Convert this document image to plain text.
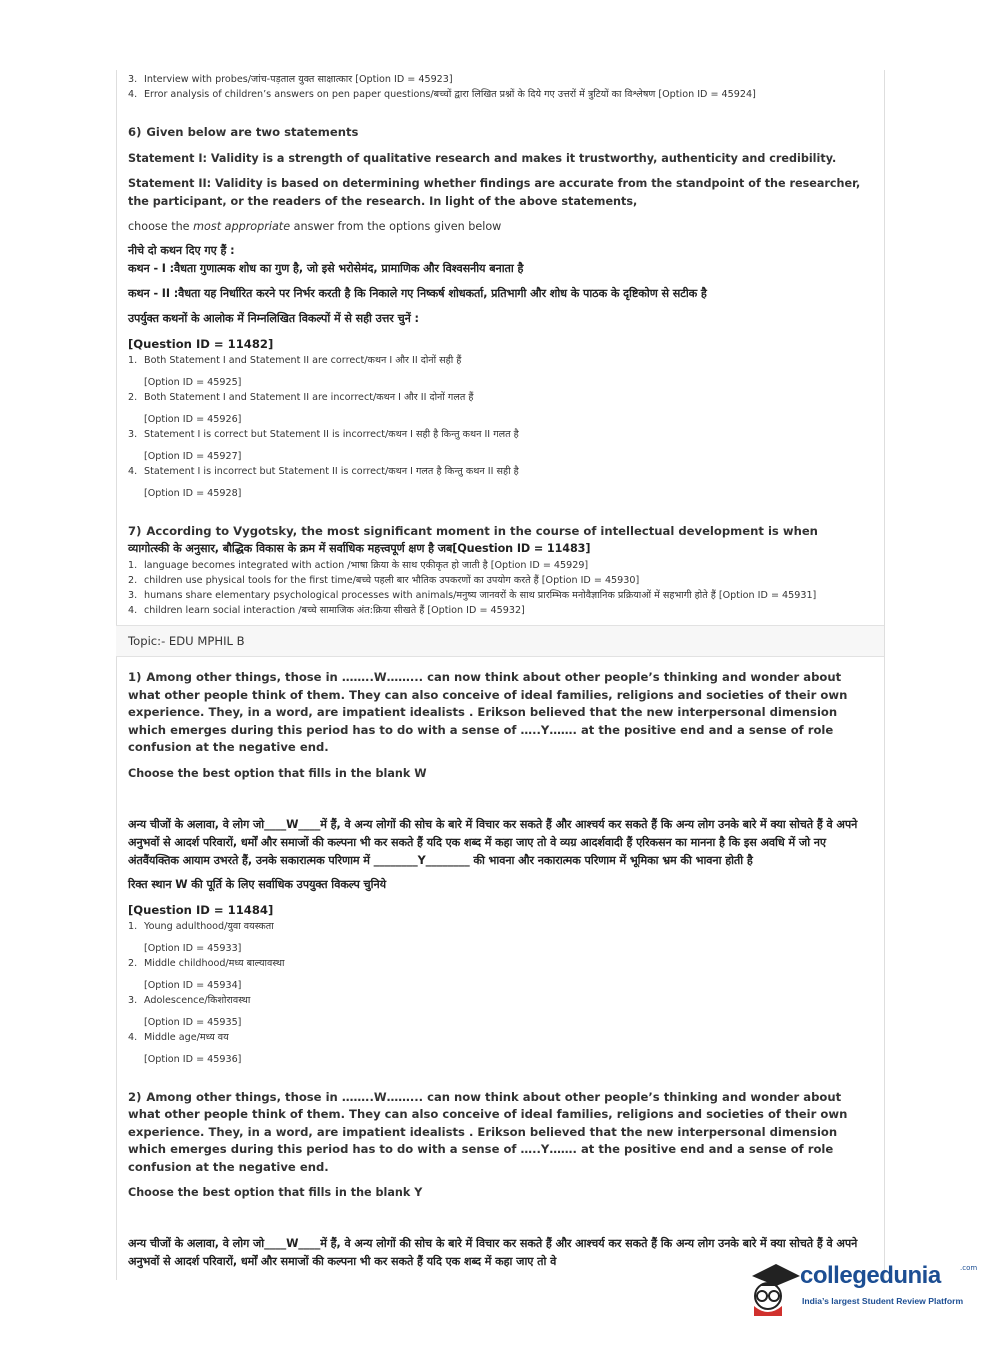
3. Interview with probes/जांच-पड़ताल युक्त साक्षात्कार [Option ID = 45923]
4. Error analysis of children’s answers on pen paper questions/बच्चों द्वारा लिखित प्रश्नों के दिये गए उत्तरों में त्रुटियों का विश्लेषण [Option ID = 45924]
6) Given below are two statements

Statement I: Validity is a strength of qualitative research and makes it trustworthy, authenticity and credibility.

Statement II: Validity is based on determining whether findings are accurate from the standpoint of the researcher, the participant, or the readers of the research. In light of the above statements,

choose the most appropriate answer from the options given below
नीचे दो कथन दिए गए हैं :
कथन - I :वैधता गुणात्मक शोध का गुण है, जो इसे भरोसेमंद, प्रामाणिक और विश्वसनीय बनाता है
कथन - II :वैधता यह निर्धारित करने पर निर्भर करती है कि निकाले गए निष्कर्ष शोधकर्ता, प्रतिभागी और शोध के पाठक के दृष्टिकोण से सटीक है
उपर्युक्त कथनों के आलोक में निम्नलिखित विकल्पों में से सही उत्तर चुनें :
[Question ID = 11482]
1. Both Statement I and Statement II are correct/कथन I और II दोनों सही हैं
[Option ID = 45925]
2. Both Statement I and Statement II are incorrect/कथन I और II दोनों गलत हैं
[Option ID = 45926]
3. Statement I is correct but Statement II is incorrect/कथन I सही है किन्तु कथन II गलत है
[Option ID = 45927]
4. Statement I is incorrect but Statement II is correct/कथन I गलत है किन्तु कथन II सही है
[Option ID = 45928]
7) According to Vygotsky, the most significant moment in the course of intellectual development is when
व्यागोत्स्की के अनुसार, बौद्धिक विकास के क्रम में सर्वाधिक महत्त्वपूर्ण क्षण है जब[Question ID = 11483]
1. language becomes integrated with action /भाषा क्रिया के साथ एकीकृत हो जाती है [Option ID = 45929]
2. children use physical tools for the first time/बच्चे पहली बार भौतिक उपकरणों का उपयोग करते हैं [Option ID = 45930]
3. humans share elementary psychological processes with animals/मनुष्य जानवरों के साथ प्रारम्भिक मनोवैज्ञानिक प्रक्रियाओं में सहभागी होते हैं [Option ID = 45931]
4. children learn social interaction /बच्चे सामाजिक अंत:क्रिया सीखते हैं [Option ID = 45932]
Topic:- EDU MPHIL B
1) Among other things, those in ……..W……... can now think about other people’s thinking and wonder about what other people think of them. They can also conceive of ideal families, religions and societies of their own experience. They, in a word, are impatient idealists . Erikson believed that the new interpersonal dimension which emerges during this period has to do with a sense of …..Y……. at the positive end and a sense of role confusion at the negative end.
Choose the best option that fills in the blank W
अन्य चीजों के अलावा, वे लोग जो____W____में हैं, वे अन्य लोगों की सोच के बारे में विचार कर सकते हैं और आश्चर्य कर सकते हैं कि अन्य लोग उनके बारे में क्या सोचते हैं वे अपने अनुभवों से आदर्श परिवारों, धर्मों और समाजों की कल्पना भी कर सकते हैं यदि एक शब्द में कहा जाए तो वे व्यग्र आदर्शवादी हैं एरिकसन का मानना है कि इस अवधि में जो नए अंतवैंयक्तिक आयाम उभरते हैं, उनके सकारात्मक परिणाम में ________Y________ की भावना और नकारात्मक परिणाम में भूमिका भ्रम की भावना होती है
रिक्त स्थान W की पूर्ति के लिए सर्वाधिक उपयुक्त विकल्प चुनिये
[Question ID = 11484]
1. Young adulthood/युवा वयस्कता
[Option ID = 45933]
2. Middle childhood/मध्य बाल्यावस्था
[Option ID = 45934]
3. Adolescence/किशोरावस्था
[Option ID = 45935]
4. Middle age/मध्य वय
[Option ID = 45936]
2) Among other things, those in ……..W……... can now think about other people’s thinking and wonder about what other people think of them. They can also conceive of ideal families, religions and societies of their own experience. They, in a word, are impatient idealists . Erikson believed that the new interpersonal dimension which emerges during this period has to do with a sense of …..Y……. at the positive end and a sense of role confusion at the negative end.
Choose the best option that fills in the blank Y
अन्य चीजों के अलावा, वे लोग जो____W____में हैं, वे अन्य लोगों की सोच के बारे में विचार कर सकते हैं और आश्चर्य कर सकते हैं कि अन्य लोग उनके बारे में क्या सोचते हैं वे अपने अनुभवों से आदर्श परिवारों, धर्मों और समाजों की कल्पना भी कर सकते हैं यदि एक शब्द में कहा जाए तो वे
collegedunia	.com
India’s largest Student Review Platform
